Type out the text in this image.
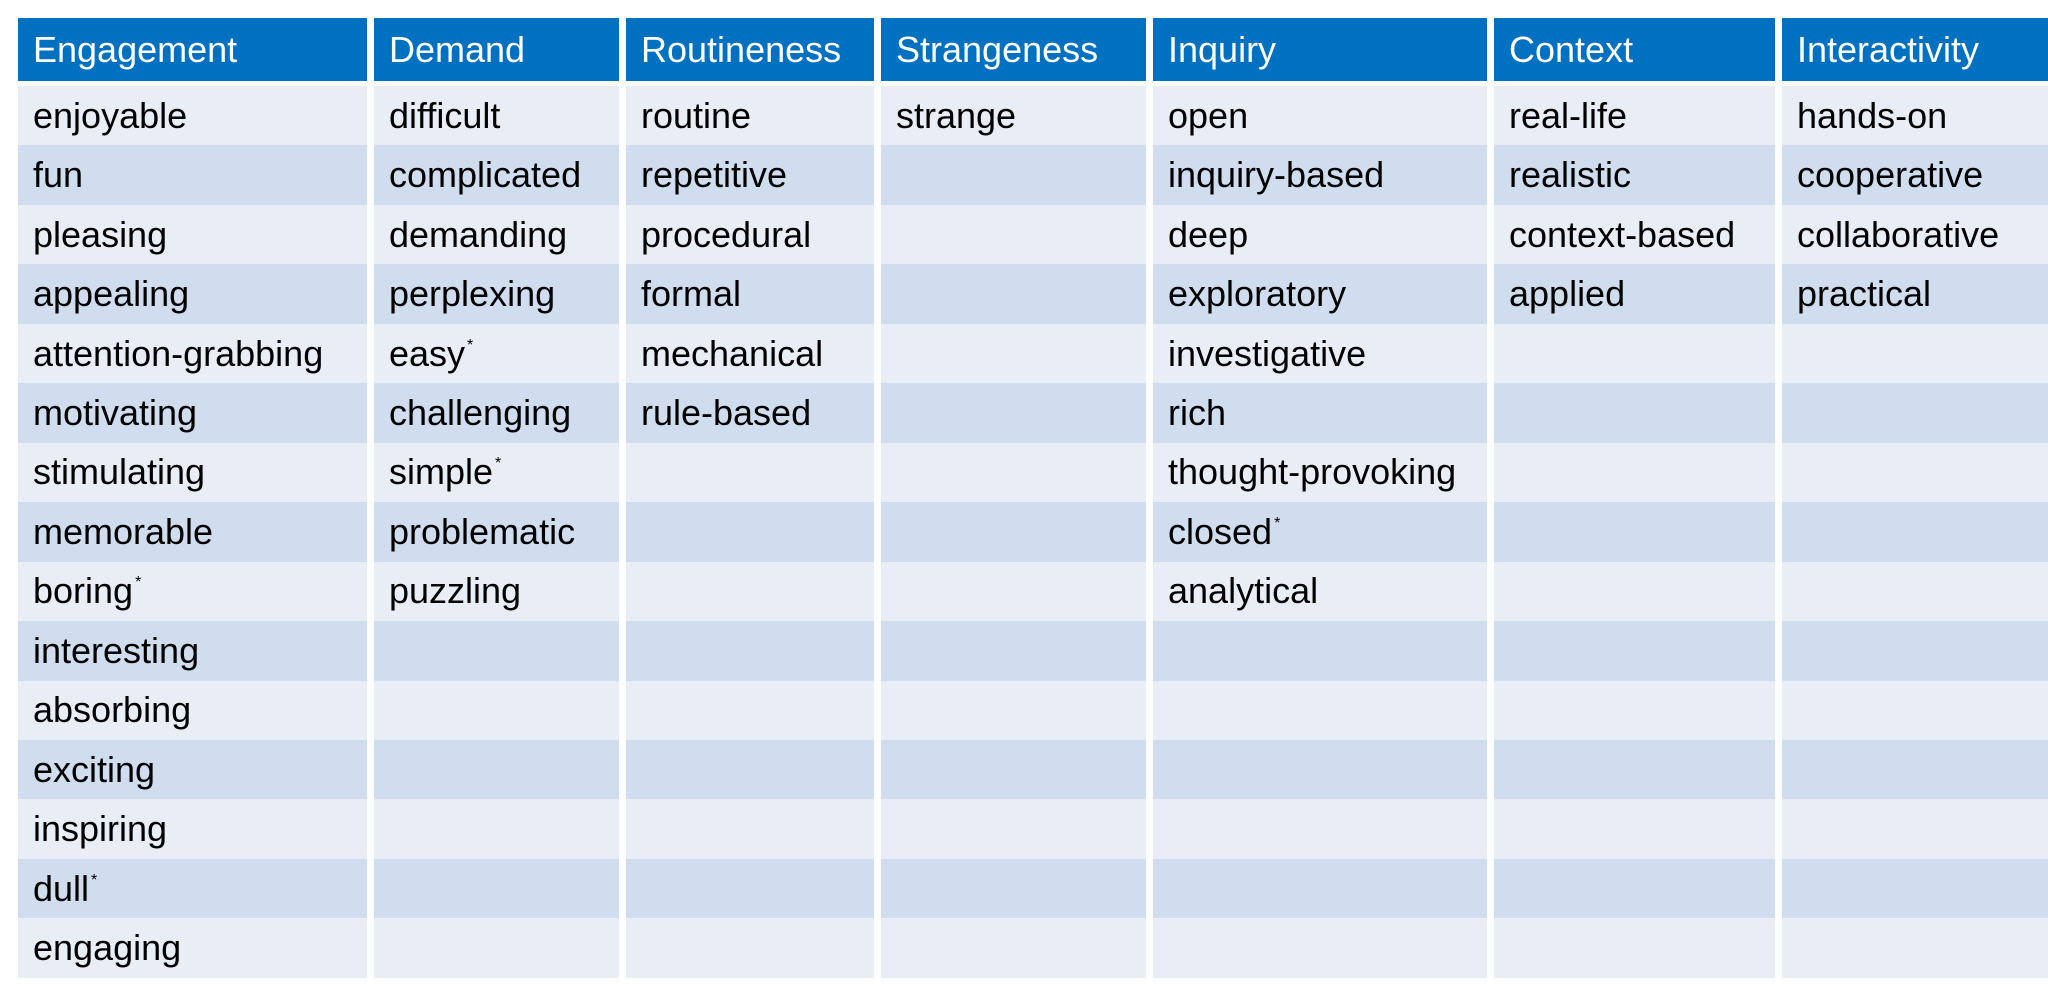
Engagement	Demand	Routineness	Strangeness	Inquiry	Context	Interactivity
enjoyable	difficult	routine	strange	open	real-life	hands-on
fun	complicated	repetitive		inquiry-based	realistic	cooperative
pleasing	demanding	procedural		deep	context-based	collaborative
appealing	perplexing	formal		exploratory	applied	practical
attention-grabbing	easy *	mechanical		investigative		
motivating	challenging	rule-based		rich		
stimulating	simple *			thought-provoking		
memorable	problematic			closed *		
boring *	puzzling			analytical		
interesting						
absorbing						
exciting						
inspiring						
dull *						
engaging						
